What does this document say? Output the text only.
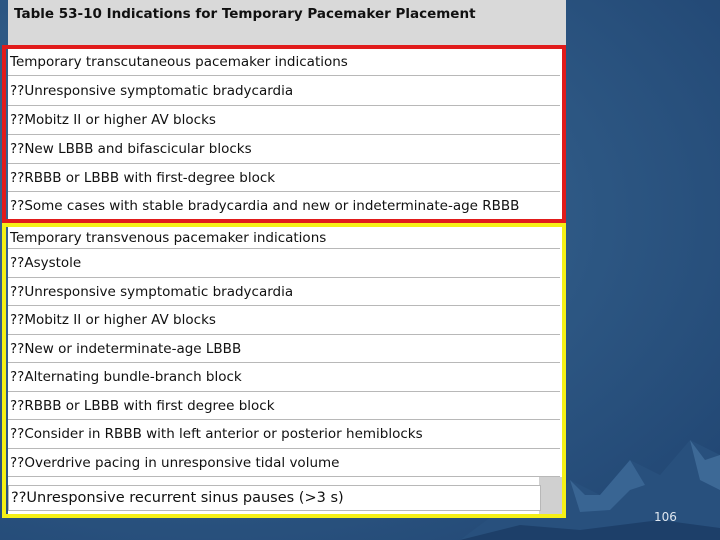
Table 53-10 Indications for Temporary Pacemaker Placement
Temporary transcutaneous pacemaker indications
??Unresponsive symptomatic bradycardia
??Mobitz II or higher AV blocks
??New LBBB and bifascicular blocks
??RBBB or LBBB with first-degree block
??Some cases with stable bradycardia and new or indeterminate-age RBBB
Temporary transvenous pacemaker indications
??Asystole
??Unresponsive symptomatic bradycardia
??Mobitz II or higher AV blocks
??New or indeterminate-age LBBB
??Alternating bundle-branch block
??RBBB or LBBB with first degree block
??Consider in RBBB with left anterior or posterior hemiblocks
??Overdrive pacing in unresponsive tidal volume
??Unresponsive recurrent sinus pauses (>3 s)
106
